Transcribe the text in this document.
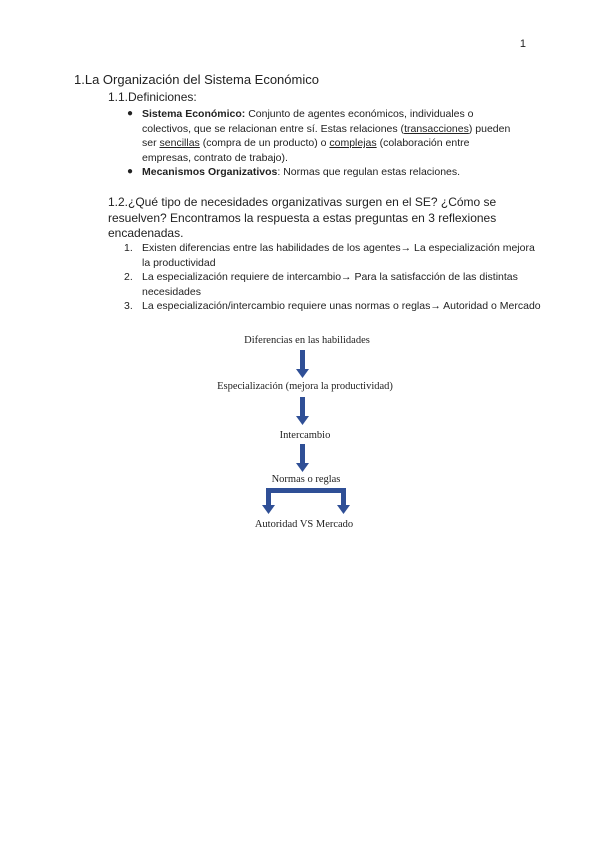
1
1.La Organización del Sistema Económico
1.1.Definiciones:
● Sistema Económico: Conjunto de agentes económicos, individuales o colectivos, que se relacionan entre sí. Estas relaciones (transacciones) pueden ser sencillas (compra de un producto) o complejas (colaboración entre empresas, contrato de trabajo).
● Mecanismos Organizativos: Normas que regulan estas relaciones.
1.2.¿Qué tipo de necesidades organizativas surgen en el SE? ¿Cómo se resuelven? Encontramos la respuesta a estas preguntas en 3 reflexiones encadenadas.
1. Existen diferencias entre las habilidades de los agentes→ La especialización mejora la productividad
2. La especialización requiere de intercambio→ Para la satisfacción de las distintas necesidades
3. La especialización/intercambio requiere unas normas o reglas→ Autoridad o Mercado
Diferencias en las habilidades
Especialización (mejora la productividad)
Intercambio
Normas o reglas
Autoridad VS Mercado
